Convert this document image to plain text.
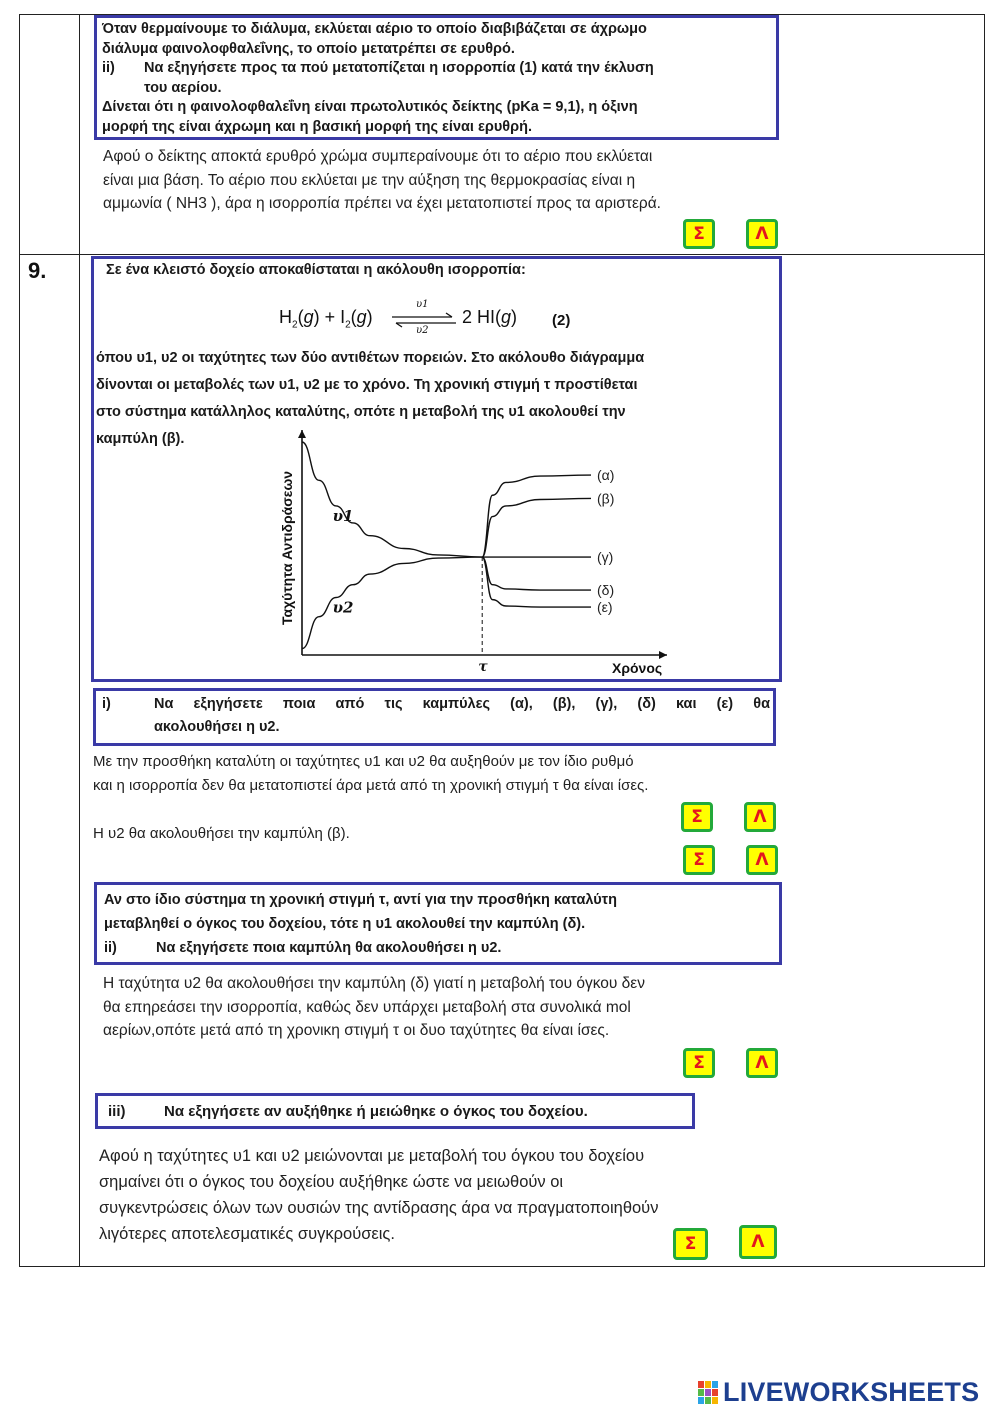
9.
Όταν θερμαίνουμε το διάλυμα, εκλύεται αέριο το οποίο διαβιβάζεται σε άχρωμο
διάλυμα φαινολοφθαλεΐνης, το οποίο μετατρέπει σε ερυθρό.
ii)	Να εξηγήσετε προς τα πού μετατοπίζεται η ισορροπία (1) κατά την έκλυση
του αερίου.
Δίνεται ότι η φαινολοφθαλεΐνη είναι πρωτολυτικός δείκτης (pKa = 9,1), η όξινη
μορφή της είναι άχρωμη και η βασική μορφή της είναι ερυθρή.
Αφού ο δείκτης αποκτά ερυθρό χρώμα συμπεραίνουμε ότι το αέριο που εκλύεται
είναι μια βάση. Το αέριο που εκλύεται με την αύξηση της θερμοκρασίας είναι η
αμμωνία ( NH3 ), άρα η ισορροπία πρέπει να έχει μετατοπιστεί προς τα αριστερά.
Σ	Λ
Σε ένα κλειστό δοχείο αποκαθίσταται η ακόλουθη ισορροπία:
$H_2(g) + I_2(g)$
υ1
υ2
2 HI(g) (2)
όπου υ1, υ2 οι ταχύτητες των δύο αντιθέτων πορειών. Στο ακόλουθο διάγραμμα
δίνονται οι μεταβολές των υ1, υ2 με το χρόνο. Τη χρονική στιγμή τ προστίθεται
στο σύστημα κατάλληλος καταλύτης, οπότε η μεταβολή της υ1 ακολουθεί την
καμπύλη (β).
(α)
(β)
(γ)
(δ)
(ε)
υ1
υ2
τ	Χρόνος
Ταχύτητα Αντιδράσεων
i)	Να εξηγήσετε ποια από τις καμπύλες (α), (β), (γ), (δ) και (ε) θα
ακολουθήσει η υ2.
Με την προσθήκη καταλύτη οι ταχύτητες υ1 και υ2 θα αυξηθούν με τον ίδιο ρυθμό
και η ισορροπία δεν θα μετατοπιστεί άρα μετά από τη χρονική στιγμή τ θα είναι ίσες.
Σ	Λ
Η υ2 θα ακολουθήσει την καμπύλη (β).
Σ	Λ
Αν στο ίδιο σύστημα τη χρονική στιγμή τ, αντί για την προσθήκη καταλύτη
μεταβληθεί ο όγκος του δοχείου, τότε η υ1 ακολουθεί την καμπύλη (δ).
ii)	Να εξηγήσετε ποια καμπύλη θα ακολουθήσει η υ2.
Η ταχύτητα υ2 θα ακολουθήσει την καμπύλη (δ) γιατί η μεταβολή του όγκου δεν
θα επηρεάσει την ισορροπία, καθώς δεν υπάρχει μεταβολή στα συνολικά mol
αερίων,οπότε μετά από τη χρονικη στιγμή τ οι δυο ταχύτητες θα είναι ίσες.
Σ	Λ
iii)	Να εξηγήσετε αν αυξήθηκε ή μειώθηκε ο όγκος του δοχείου.
Αφού η ταχύτητες υ1 και υ2 μειώνονται με μεταβολή του όγκου του δοχείου
σημαίνει ότι ο όγκος του δοχείου αυξήθηκε ώστε να μειωθούν οι
συγκεντρώσεις όλων των ουσιών της αντίδρασης άρα να πραγματοποιηθούν
λιγότερες αποτελεσματικές συγκρούσεις.	Σ	Λ
LIVEWORKSHEETS
